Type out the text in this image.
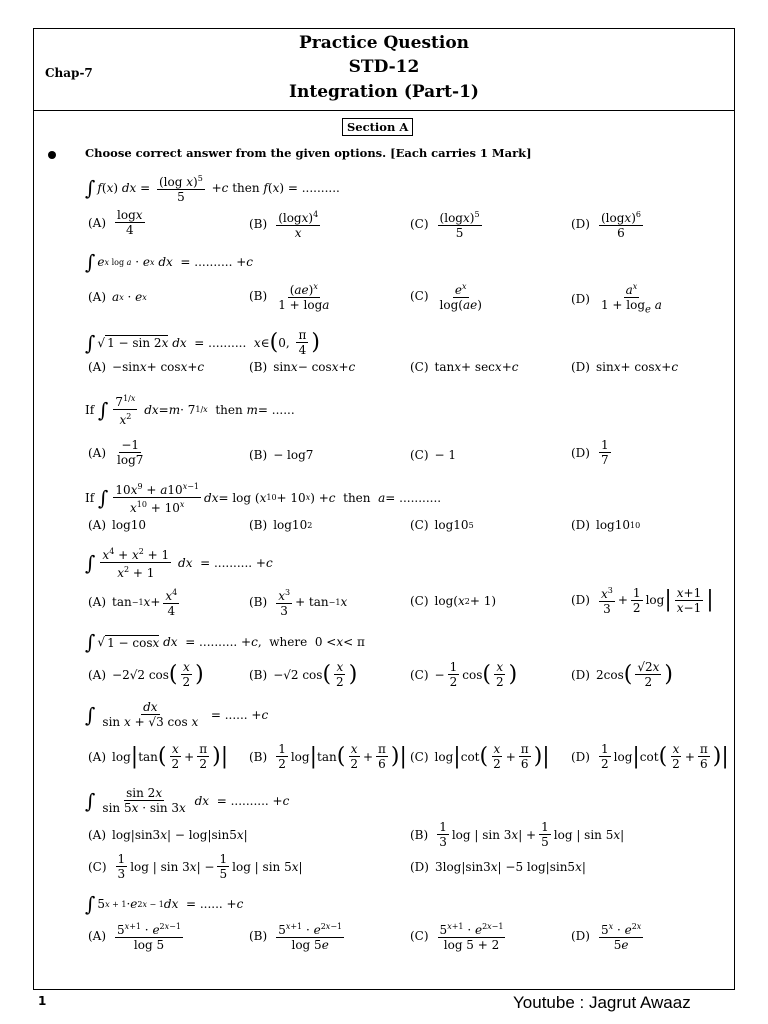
Practice Question
STD-12
Integration (Part-1)
Chap-7
Section A
Choose correct answer from the given options. [Each carries 1 Mark]
∫ f ( x ) dx = $\frac{(\log x)^5}{5} + c$ then f ( x ) = ..........
$(A) \frac{\log x}{4}$	$(B) \frac{(\log x)^4}{x}$	$(C) \frac{(\log x)^5}{5}$	$(D) \frac{(\log x)^6}{6}$
∫ e x log a · e x
dx = .......... + c
(A) a x · e x	$(B) \frac{(ae)^x}{1 + \log a}$	$(C) \frac{e^x}{\log(ae)}$	$(D) \frac{a^x}{1 + \log_e a}$
∫ √ 1 − sin 2x
dx = .......... x ∈ ( 0, $\frac{\pi}{4}$ )
(A) −sin x + cos x + c	(B) sin x − cos x + c	(C) tan x + sec x + c	(D) sin x + cos x + c
If ∫ $\frac{7^{1/x}}{x^2}$
dx = m · 7 1/x then m = ......
$(A) \frac{-1}{\log 7}$	(B) − log7	(C) − 1	$(D) \frac{1}{7}$
If ∫ $\frac{10x^9 + a10^{x-1}}{x^{10} + 10^x}$ dx = log ( x 10 + 10 x ) + c then a = ...........
(A) log10	(B) log10 2	(C) log10 5	(D) log10 10
∫ $\frac{x^4 + x^2 + 1}{x^2 + 1}$
dx = .......... + c
(A) tan −1 $x + \frac{x^4}{4}$	$(B) \frac{x^3}{3} + \tan -1$ x	(C) log( x 2 + 1)	$(D) \frac{x^3}{3} + \frac{1}{2}$ log | $\frac{x+1}{x-1}$ |
∫ √ 1 − cosx
dx = .......... + c ,  where  0 < x < π
(A) −2√2 cos ( $\frac{x}{2}$ )	(B) −√2 cos ( $\frac{x}{2}$ )	$(C) - \frac{1}{2}$ cos ( $\frac{x}{2}$ )	(D) 2cos ( $\frac{√2x}{2}$ )
∫ $\frac{dx}{\text{sin x + √3 cos x}}$ = ...... + c
(A) log | tan ( $\frac{x}{2} + \frac{\pi}{2}$ ) | $(B) \frac{1}{2}$ log | tan ( $\frac{x}{2} + \frac{\pi}{6}$ ) | (C) log | cot ( $\frac{x}{2} + \frac{\pi}{6}$ ) | $(D) \frac{1}{2}$ log | cot ( $\frac{x}{2} + \frac{\pi}{6}$ ) |
∫ $\frac{\sin 2x}{\sin 5x \cdot \sin 3x}$
dx = .......... + c
(A) log|sin3 x | − log|sin5 x |	$(B) \frac{1}{3}$ log | sin 3 x | + $\frac{1}{5}$ log | sin 5 x |
$(C) \frac{1}{3}$ log | sin 3 x | − $\frac{1}{5}$ log | sin 5 x |	(D) 3log|sin3 x | −5 log|sin5 x |
∫ 5 x + 1 · e 2x − 1 dx = ...... + c
$(A) \frac{5^{x+1} \cdot e^{2x-1}}{\log 5}$	$(B) \frac{5^{x+1} \cdot e^{2x-1}}{\log 5e}$	$(C) \frac{5^{x+1} \cdot e^{2x-1}}{\log 5 + 2}$	$(D) \frac{5^x \cdot e^{2x}}{5e}$
1	Youtube : Jagrut Awaaz
